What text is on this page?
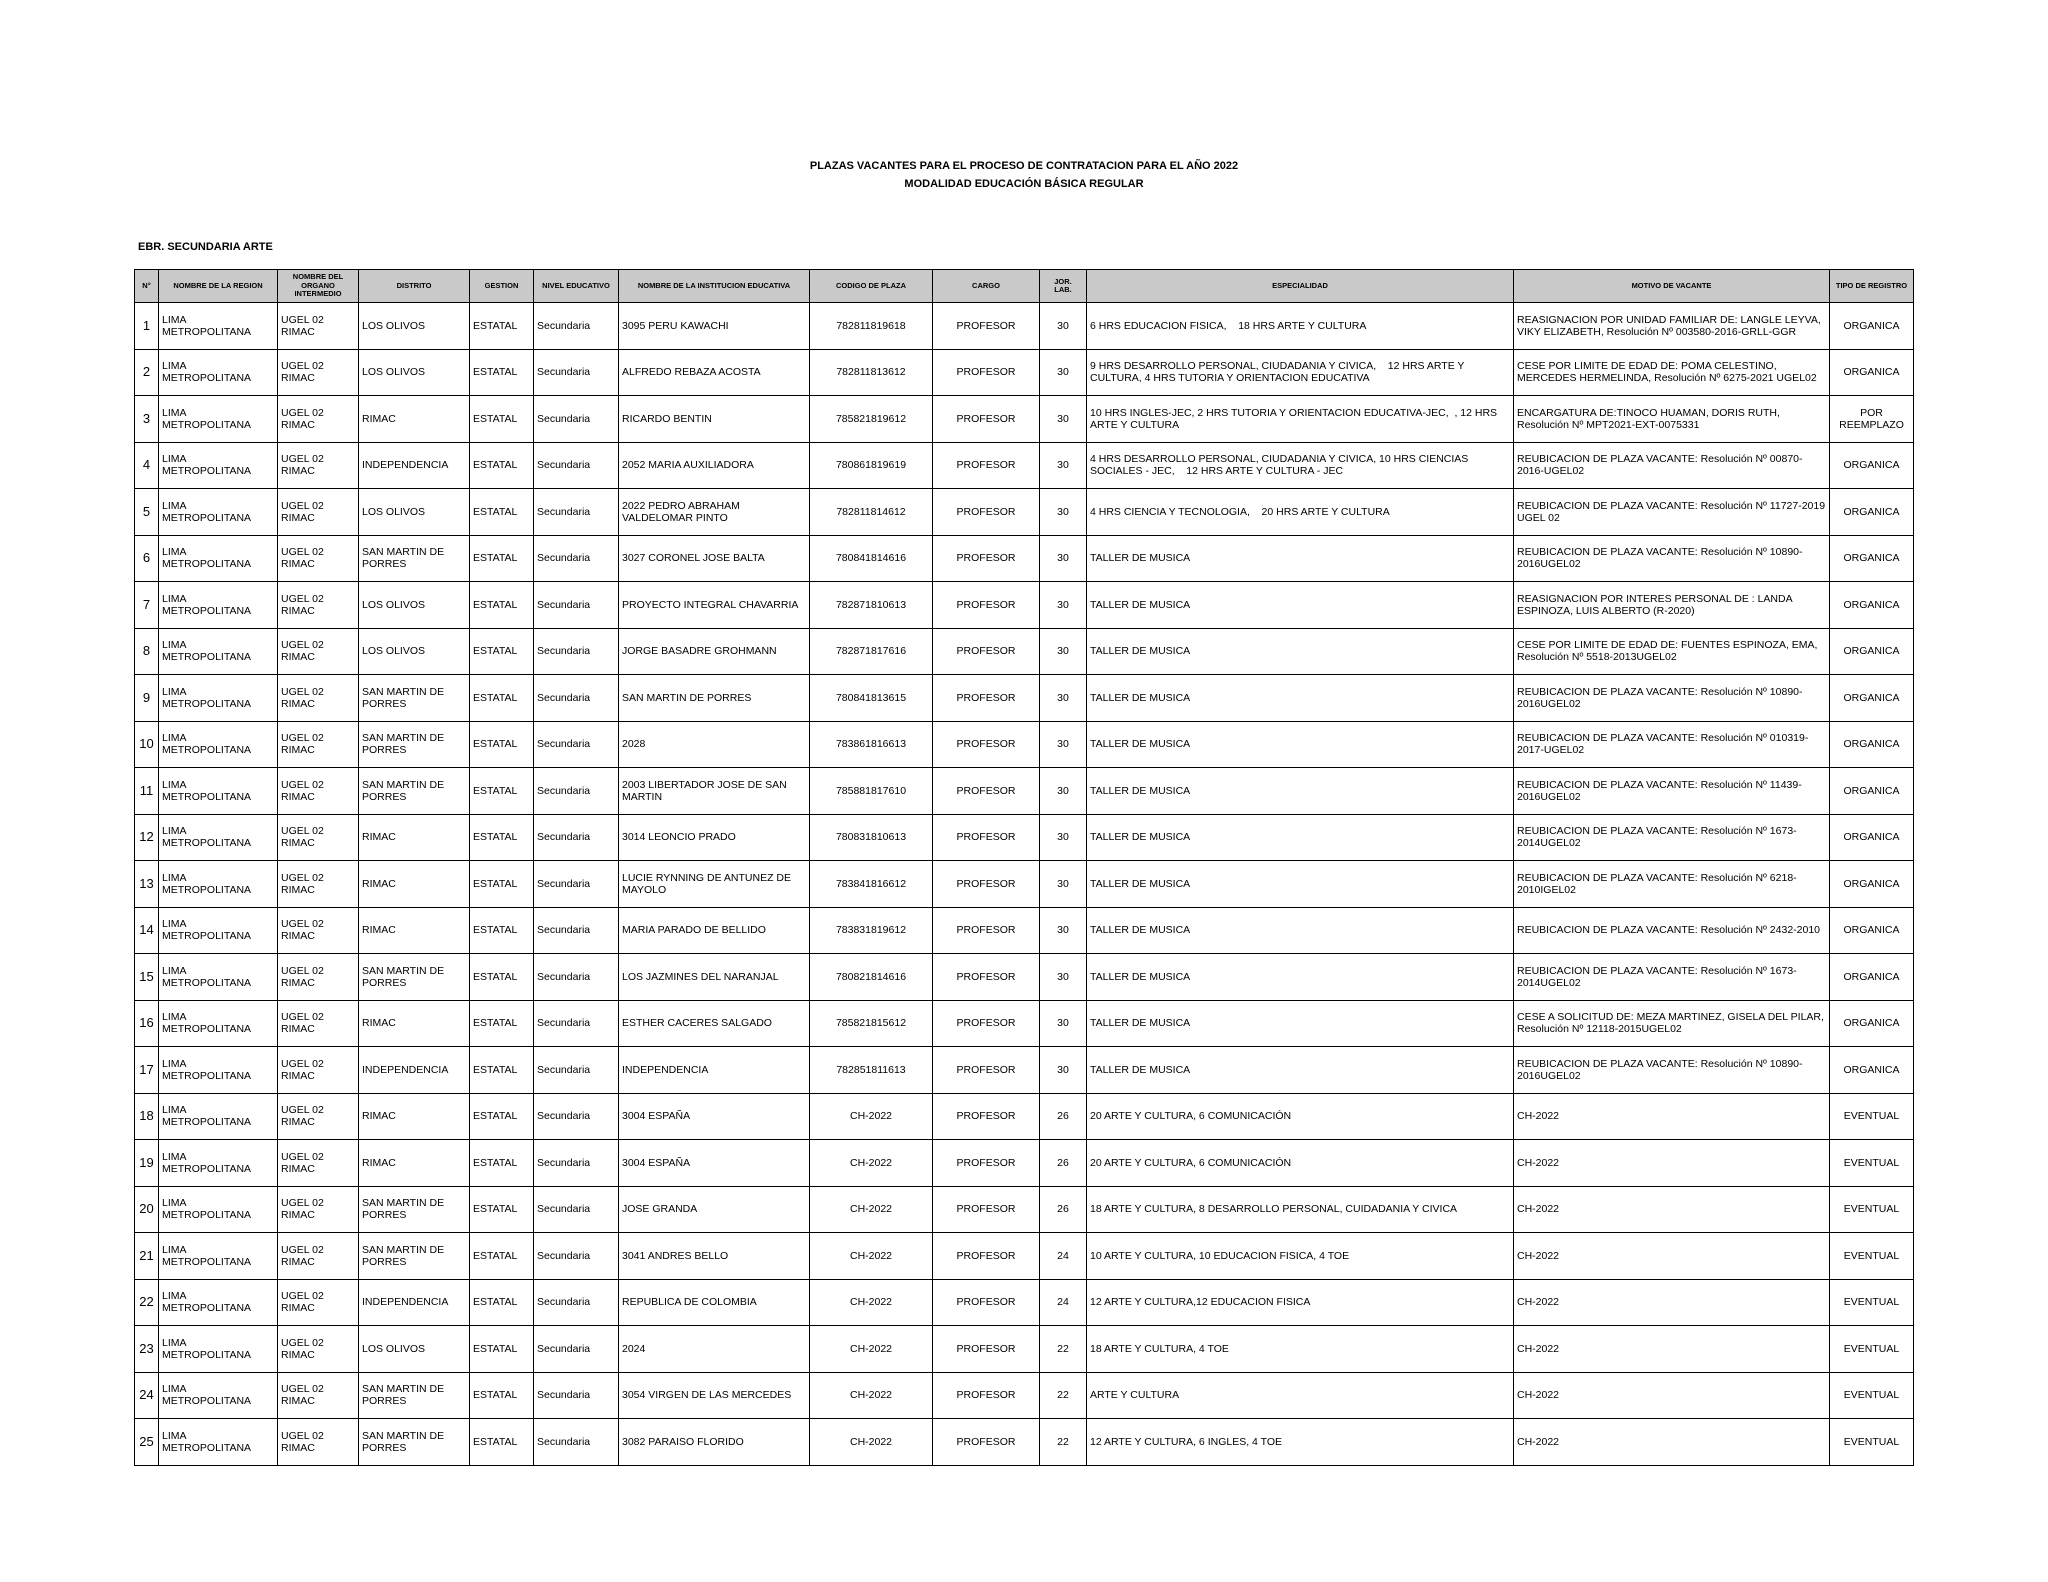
PLAZAS VACANTES PARA EL PROCESO DE CONTRATACION PARA EL AÑO 2022
MODALIDAD EDUCACIÓN BÁSICA REGULAR
EBR. SECUNDARIA ARTE
N°	NOMBRE DE LA REGION	NOMBRE DEL ORGANO INTERMEDIO	DISTRITO	GESTION	NIVEL EDUCATIVO	NOMBRE DE LA INSTITUCION EDUCATIVA	CODIGO DE PLAZA	CARGO	JOR. LAB.	ESPECIALIDAD	MOTIVO DE VACANTE	TIPO DE REGISTRO
1	LIMA METROPOLITANA	UGEL 02 RIMAC	LOS OLIVOS	ESTATAL	Secundaria	3095 PERU KAWACHI	782811819618	PROFESOR	30	6 HRS EDUCACION FISICA,    18 HRS ARTE Y CULTURA	REASIGNACION POR UNIDAD FAMILIAR DE: LANGLE LEYVA, VIKY ELIZABETH, Resolución Nº 003580-2016-GRLL-GGR	ORGANICA
2	LIMA METROPOLITANA	UGEL 02 RIMAC	LOS OLIVOS	ESTATAL	Secundaria	ALFREDO REBAZA ACOSTA	782811813612	PROFESOR	30	9 HRS DESARROLLO PERSONAL, CIUDADANIA Y CIVICA,    12 HRS ARTE Y CULTURA, 4 HRS TUTORIA Y ORIENTACION EDUCATIVA	CESE POR LIMITE DE EDAD DE: POMA CELESTINO, MERCEDES HERMELINDA, Resolución Nº 6275-2021 UGEL02	ORGANICA
3	LIMA METROPOLITANA	UGEL 02 RIMAC	RIMAC	ESTATAL	Secundaria	RICARDO BENTIN	785821819612	PROFESOR	30	10 HRS INGLES-JEC, 2 HRS TUTORIA Y ORIENTACION EDUCATIVA-JEC,  , 12 HRS ARTE Y CULTURA	ENCARGATURA DE:TINOCO HUAMAN, DORIS RUTH, Resolución Nº MPT2021-EXT-0075331	POR REEMPLAZO
4	LIMA METROPOLITANA	UGEL 02 RIMAC	INDEPENDENCIA	ESTATAL	Secundaria	2052 MARIA AUXILIADORA	780861819619	PROFESOR	30	4 HRS DESARROLLO PERSONAL, CIUDADANIA Y CIVICA, 10 HRS CIENCIAS SOCIALES - JEC,    12 HRS ARTE Y CULTURA - JEC	REUBICACION DE PLAZA VACANTE: Resolución Nº 00870-2016-UGEL02	ORGANICA
5	LIMA METROPOLITANA	UGEL 02 RIMAC	LOS OLIVOS	ESTATAL	Secundaria	2022 PEDRO ABRAHAM VALDELOMAR PINTO	782811814612	PROFESOR	30	4 HRS CIENCIA Y TECNOLOGIA,    20 HRS ARTE Y CULTURA	REUBICACION DE PLAZA VACANTE: Resolución Nº 11727-2019 UGEL 02	ORGANICA
6	LIMA METROPOLITANA	UGEL 02 RIMAC	SAN MARTIN DE PORRES	ESTATAL	Secundaria	3027 CORONEL JOSE BALTA	780841814616	PROFESOR	30	TALLER DE MUSICA	REUBICACION DE PLAZA VACANTE: Resolución Nº 10890-2016UGEL02	ORGANICA
7	LIMA METROPOLITANA	UGEL 02 RIMAC	LOS OLIVOS	ESTATAL	Secundaria	PROYECTO INTEGRAL CHAVARRIA	782871810613	PROFESOR	30	TALLER DE MUSICA	REASIGNACION POR INTERES PERSONAL DE : LANDA ESPINOZA, LUIS ALBERTO (R-2020)	ORGANICA
8	LIMA METROPOLITANA	UGEL 02 RIMAC	LOS OLIVOS	ESTATAL	Secundaria	JORGE BASADRE GROHMANN	782871817616	PROFESOR	30	TALLER DE MUSICA	CESE POR LIMITE DE EDAD DE: FUENTES ESPINOZA, EMA, Resolución Nº 5518-2013UGEL02	ORGANICA
9	LIMA METROPOLITANA	UGEL 02 RIMAC	SAN MARTIN DE PORRES	ESTATAL	Secundaria	SAN MARTIN DE PORRES	780841813615	PROFESOR	30	TALLER DE MUSICA	REUBICACION DE PLAZA VACANTE: Resolución Nº 10890-2016UGEL02	ORGANICA
10	LIMA METROPOLITANA	UGEL 02 RIMAC	SAN MARTIN DE PORRES	ESTATAL	Secundaria	2028	783861816613	PROFESOR	30	TALLER DE MUSICA	REUBICACION DE PLAZA VACANTE: Resolución Nº 010319-2017-UGEL02	ORGANICA
11	LIMA METROPOLITANA	UGEL 02 RIMAC	SAN MARTIN DE PORRES	ESTATAL	Secundaria	2003 LIBERTADOR JOSE DE SAN MARTIN	785881817610	PROFESOR	30	TALLER DE MUSICA	REUBICACION DE PLAZA VACANTE: Resolución Nº 11439-2016UGEL02	ORGANICA
12	LIMA METROPOLITANA	UGEL 02 RIMAC	RIMAC	ESTATAL	Secundaria	3014 LEONCIO PRADO	780831810613	PROFESOR	30	TALLER DE MUSICA	REUBICACION DE PLAZA VACANTE: Resolución Nº 1673-2014UGEL02	ORGANICA
13	LIMA METROPOLITANA	UGEL 02 RIMAC	RIMAC	ESTATAL	Secundaria	LUCIE RYNNING DE ANTUNEZ DE MAYOLO	783841816612	PROFESOR	30	TALLER DE MUSICA	REUBICACION DE PLAZA VACANTE: Resolución Nº 6218-2010IGEL02	ORGANICA
14	LIMA METROPOLITANA	UGEL 02 RIMAC	RIMAC	ESTATAL	Secundaria	MARIA PARADO DE BELLIDO	783831819612	PROFESOR	30	TALLER DE MUSICA	REUBICACION DE PLAZA VACANTE: Resolución Nº 2432-2010	ORGANICA
15	LIMA METROPOLITANA	UGEL 02 RIMAC	SAN MARTIN DE PORRES	ESTATAL	Secundaria	LOS JAZMINES DEL NARANJAL	780821814616	PROFESOR	30	TALLER DE MUSICA	REUBICACION DE PLAZA VACANTE: Resolución Nº 1673-2014UGEL02	ORGANICA
16	LIMA METROPOLITANA	UGEL 02 RIMAC	RIMAC	ESTATAL	Secundaria	ESTHER CACERES SALGADO	785821815612	PROFESOR	30	TALLER DE MUSICA	CESE A SOLICITUD DE: MEZA MARTINEZ, GISELA DEL PILAR, Resolución Nº 12118-2015UGEL02	ORGANICA
17	LIMA METROPOLITANA	UGEL 02 RIMAC	INDEPENDENCIA	ESTATAL	Secundaria	INDEPENDENCIA	782851811613	PROFESOR	30	TALLER DE MUSICA	REUBICACION DE PLAZA VACANTE: Resolución Nº 10890-2016UGEL02	ORGANICA
18	LIMA METROPOLITANA	UGEL 02 RIMAC	RIMAC	ESTATAL	Secundaria	3004 ESPAÑA	CH-2022	PROFESOR	26	20 ARTE Y CULTURA, 6 COMUNICACIÓN	CH-2022	EVENTUAL
19	LIMA METROPOLITANA	UGEL 02 RIMAC	RIMAC	ESTATAL	Secundaria	3004 ESPAÑA	CH-2022	PROFESOR	26	20 ARTE Y CULTURA, 6 COMUNICACIÓN	CH-2022	EVENTUAL
20	LIMA METROPOLITANA	UGEL 02 RIMAC	SAN MARTIN DE PORRES	ESTATAL	Secundaria	JOSE GRANDA	CH-2022	PROFESOR	26	18 ARTE Y CULTURA, 8 DESARROLLO PERSONAL, CUIDADANIA Y CIVICA	CH-2022	EVENTUAL
21	LIMA METROPOLITANA	UGEL 02 RIMAC	SAN MARTIN DE PORRES	ESTATAL	Secundaria	3041 ANDRES BELLO	CH-2022	PROFESOR	24	10 ARTE Y CULTURA, 10 EDUCACION FISICA, 4 TOE	CH-2022	EVENTUAL
22	LIMA METROPOLITANA	UGEL 02 RIMAC	INDEPENDENCIA	ESTATAL	Secundaria	REPUBLICA DE COLOMBIA	CH-2022	PROFESOR	24	12 ARTE Y CULTURA,12 EDUCACION FISICA	CH-2022	EVENTUAL
23	LIMA METROPOLITANA	UGEL 02 RIMAC	LOS OLIVOS	ESTATAL	Secundaria	2024	CH-2022	PROFESOR	22	18 ARTE Y CULTURA, 4 TOE	CH-2022	EVENTUAL
24	LIMA METROPOLITANA	UGEL 02 RIMAC	SAN MARTIN DE PORRES	ESTATAL	Secundaria	3054 VIRGEN DE LAS MERCEDES	CH-2022	PROFESOR	22	ARTE Y CULTURA	CH-2022	EVENTUAL
25	LIMA METROPOLITANA	UGEL 02 RIMAC	SAN MARTIN DE PORRES	ESTATAL	Secundaria	3082 PARAISO FLORIDO	CH-2022	PROFESOR	22	12 ARTE Y CULTURA, 6 INGLES, 4 TOE	CH-2022	EVENTUAL
